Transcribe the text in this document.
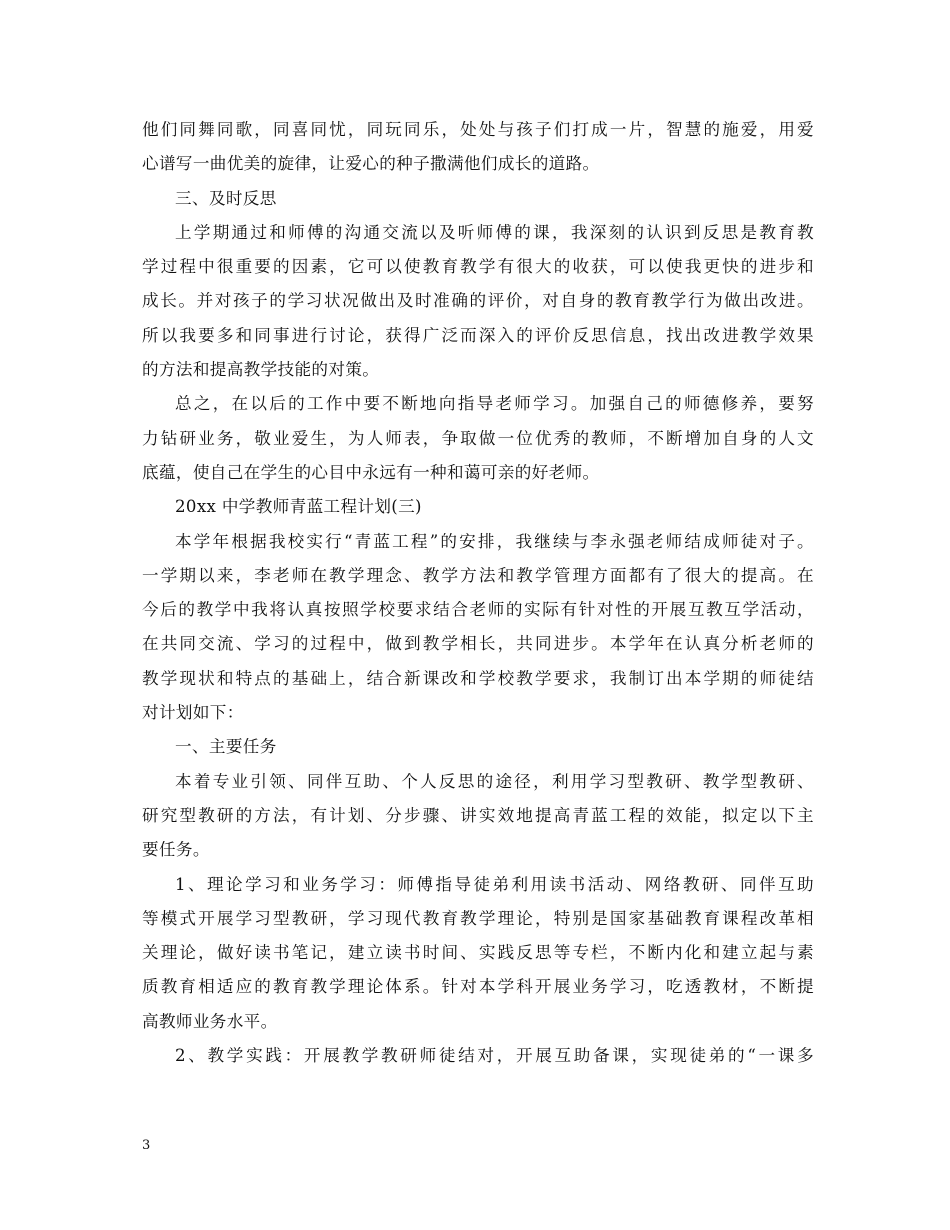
他们同舞同歌，同喜同忧，同玩同乐，处处与孩子们打成一片，智慧的施爱，用爱
心谱写一曲优美的旋律，让爱心的种子撒满他们成长的道路。
三、及时反思
上学期通过和师傅的沟通交流以及听师傅的课，我深刻的认识到反思是教育教
学过程中很重要的因素，它可以使教育教学有很大的收获，可以使我更快的进步和
成长。并对孩子的学习状况做出及时准确的评价，对自身的教育教学行为做出改进。
所以我要多和同事进行讨论，获得广泛而深入的评价反思信息，找出改进教学效果
的方法和提高教学技能的对策。
总之，在以后的工作中要不断地向指导老师学习。加强自己的师德修养，要努
力钻研业务，敬业爱生，为人师表，争取做一位优秀的教师，不断增加自身的人文
底蕴，使自己在学生的心目中永远有一种和蔼可亲的好老师。
20xx 中学教师青蓝工程计划(三)
本学年根据我校实行“青蓝工程”的安排，我继续与李永强老师结成师徒对子。
一学期以来，李老师在教学理念、教学方法和教学管理方面都有了很大的提高。在
今后的教学中我将认真按照学校要求结合老师的实际有针对性的开展互教互学活动，
在共同交流、学习的过程中，做到教学相长，共同进步。本学年在认真分析老师的
教学现状和特点的基础上，结合新课改和学校教学要求，我制订出本学期的师徒结
对计划如下：
一、主要任务
本着专业引领、同伴互助、个人反思的途径，利用学习型教研、教学型教研、
研究型教研的方法，有计划、分步骤、讲实效地提高青蓝工程的效能，拟定以下主
要任务。
1、理论学习和业务学习：师傅指导徒弟利用读书活动、网络教研、同伴互助
等模式开展学习型教研，学习现代教育教学理论，特别是国家基础教育课程改革相
关理论，做好读书笔记，建立读书时间、实践反思等专栏，不断内化和建立起与素
质教育相适应的教育教学理论体系。针对本学科开展业务学习，吃透教材，不断提
高教师业务水平。
2、教学实践：开展教学教研师徒结对，开展互助备课，实现徒弟的“一课多
3
